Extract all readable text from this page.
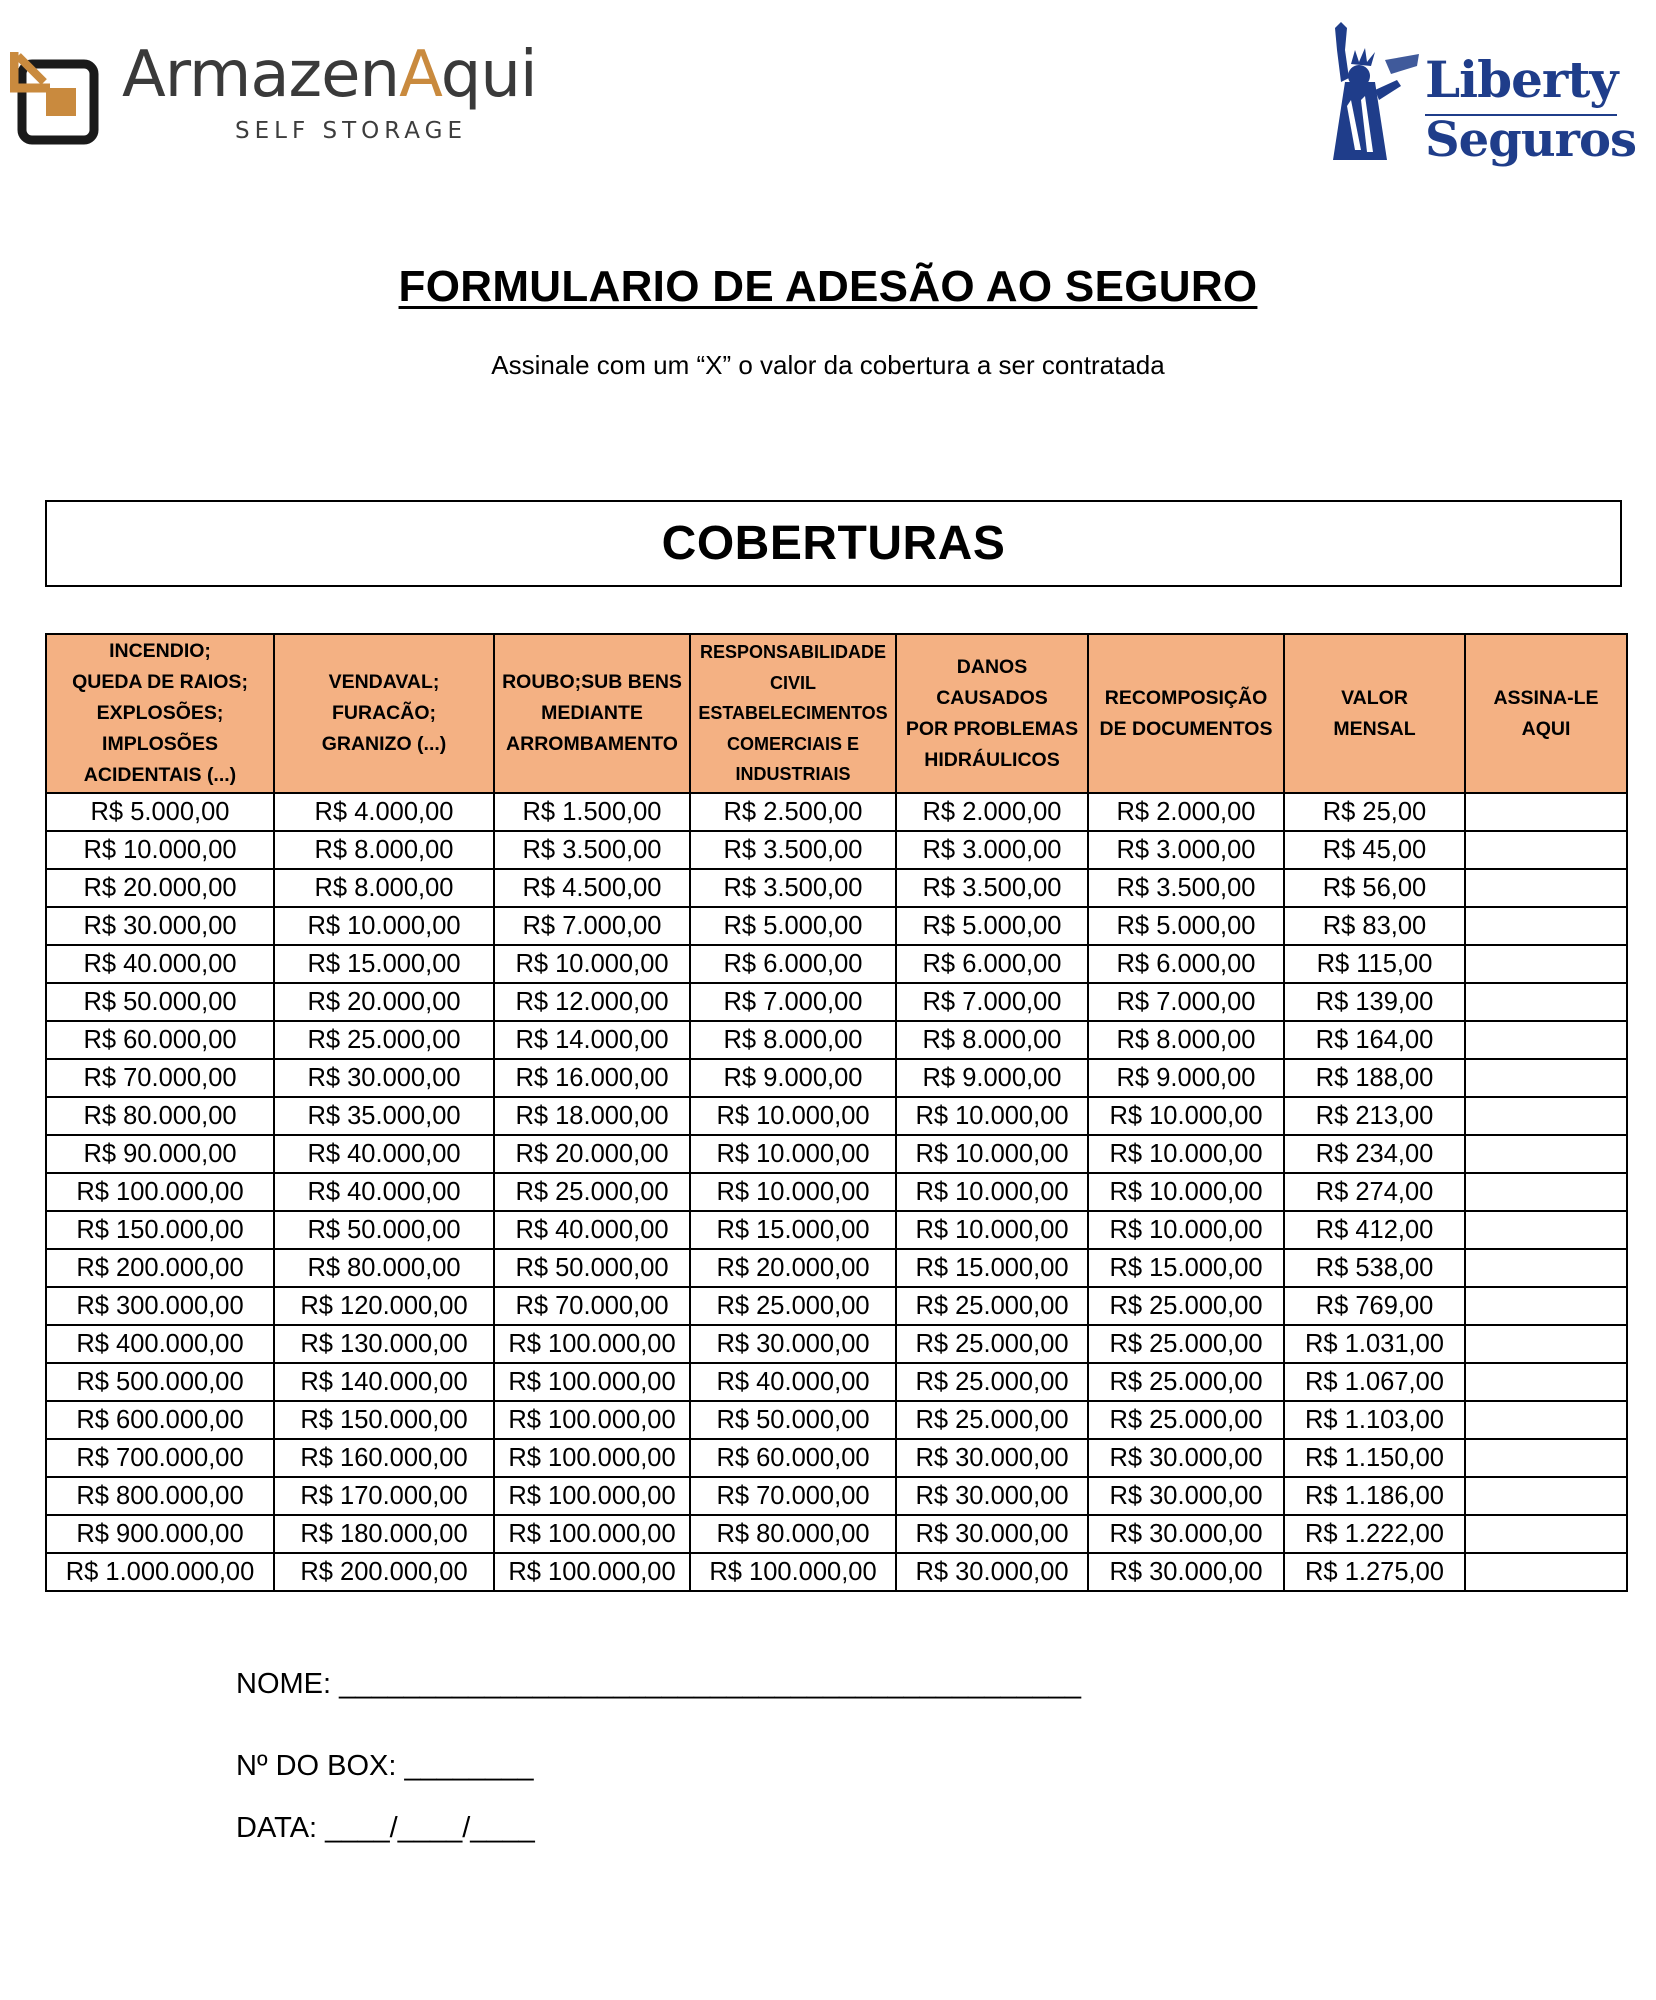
ArmazenAqui
SELF STORAGE
Liberty
Seguros
FORMULARIO DE ADESÃO AO SEGURO
Assinale com um “X” o valor da cobertura a ser contratada
COBERTURAS
INCENDIO;
QUEDA DE RAIOS;
EXPLOSÕES;
IMPLOSÕES
ACIDENTAIS (...)	VENDAVAL;
FURACÃO;
GRANIZO (...)	ROUBO;SUB BENS
MEDIANTE
ARROMBAMENTO	RESPONSABILIDADE
CIVIL
ESTABELECIMENTOS
COMERCIAIS E
INDUSTRIAIS	DANOS
CAUSADOS
POR PROBLEMAS
HIDRÁULICOS	RECOMPOSIÇÃO
DE DOCUMENTOS	VALOR
MENSAL	ASSINA-LE
AQUI
R$ 5.000,00	R$ 4.000,00	R$ 1.500,00	R$ 2.500,00	R$ 2.000,00	R$ 2.000,00	R$ 25,00	
R$ 10.000,00	R$ 8.000,00	R$ 3.500,00	R$ 3.500,00	R$ 3.000,00	R$ 3.000,00	R$ 45,00	
R$ 20.000,00	R$ 8.000,00	R$ 4.500,00	R$ 3.500,00	R$ 3.500,00	R$ 3.500,00	R$ 56,00	
R$ 30.000,00	R$ 10.000,00	R$ 7.000,00	R$ 5.000,00	R$ 5.000,00	R$ 5.000,00	R$ 83,00	
R$ 40.000,00	R$ 15.000,00	R$ 10.000,00	R$ 6.000,00	R$ 6.000,00	R$ 6.000,00	R$ 115,00	
R$ 50.000,00	R$ 20.000,00	R$ 12.000,00	R$ 7.000,00	R$ 7.000,00	R$ 7.000,00	R$ 139,00	
R$ 60.000,00	R$ 25.000,00	R$ 14.000,00	R$ 8.000,00	R$ 8.000,00	R$ 8.000,00	R$ 164,00	
R$ 70.000,00	R$ 30.000,00	R$ 16.000,00	R$ 9.000,00	R$ 9.000,00	R$ 9.000,00	R$ 188,00	
R$ 80.000,00	R$ 35.000,00	R$ 18.000,00	R$ 10.000,00	R$ 10.000,00	R$ 10.000,00	R$ 213,00	
R$ 90.000,00	R$ 40.000,00	R$ 20.000,00	R$ 10.000,00	R$ 10.000,00	R$ 10.000,00	R$ 234,00	
R$ 100.000,00	R$ 40.000,00	R$ 25.000,00	R$ 10.000,00	R$ 10.000,00	R$ 10.000,00	R$ 274,00	
R$ 150.000,00	R$ 50.000,00	R$ 40.000,00	R$ 15.000,00	R$ 10.000,00	R$ 10.000,00	R$ 412,00	
R$ 200.000,00	R$ 80.000,00	R$ 50.000,00	R$ 20.000,00	R$ 15.000,00	R$ 15.000,00	R$ 538,00	
R$ 300.000,00	R$ 120.000,00	R$ 70.000,00	R$ 25.000,00	R$ 25.000,00	R$ 25.000,00	R$ 769,00	
R$ 400.000,00	R$ 130.000,00	R$ 100.000,00	R$ 30.000,00	R$ 25.000,00	R$ 25.000,00	R$ 1.031,00	
R$ 500.000,00	R$ 140.000,00	R$ 100.000,00	R$ 40.000,00	R$ 25.000,00	R$ 25.000,00	R$ 1.067,00	
R$ 600.000,00	R$ 150.000,00	R$ 100.000,00	R$ 50.000,00	R$ 25.000,00	R$ 25.000,00	R$ 1.103,00	
R$ 700.000,00	R$ 160.000,00	R$ 100.000,00	R$ 60.000,00	R$ 30.000,00	R$ 30.000,00	R$ 1.150,00	
R$ 800.000,00	R$ 170.000,00	R$ 100.000,00	R$ 70.000,00	R$ 30.000,00	R$ 30.000,00	R$ 1.186,00	
R$ 900.000,00	R$ 180.000,00	R$ 100.000,00	R$ 80.000,00	R$ 30.000,00	R$ 30.000,00	R$ 1.222,00	
R$ 1.000.000,00	R$ 200.000,00	R$ 100.000,00	R$ 100.000,00	R$ 30.000,00	R$ 30.000,00	R$ 1.275,00	
NOME: ______________________________________________
Nº DO BOX: ________
DATA: ____/____/____
